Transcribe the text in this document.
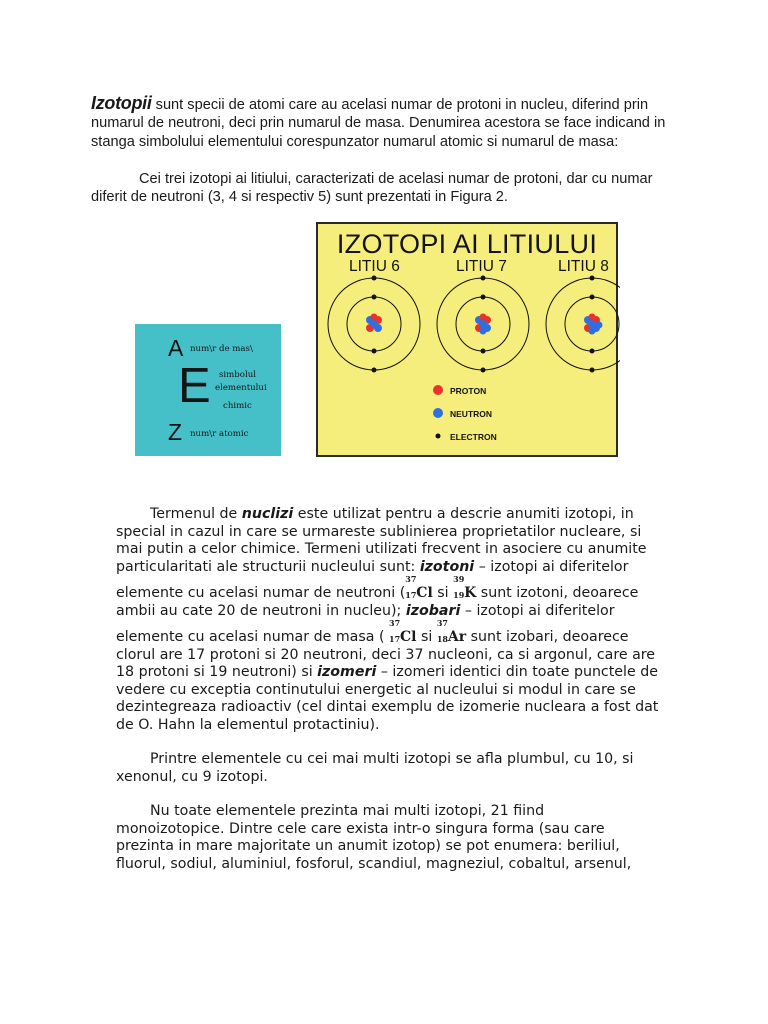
Izotopii sunt specii de atomi care au acelasi numar de protoni in nucleu, diferind prin numarul de neutroni, deci prin numarul de masa. Denumirea acestora se face indicand in stanga simbolului elementului corespunzator numarul atomic si numarul de masa:
Cei trei izotopi ai litiului, caracterizati de acelasi numar de protoni, dar cu numar diferit de neutroni (3, 4 si respectiv 5) sunt prezentati in Figura 2.
A num\r de mas\
E simbolul
elementului
chimic
Z num\r atomic
IZOTOPI AI LITIULUI
LITIU 6	LITIU 7	LITIU 8
PROTON
NEUTRON
ELECTRON

Termenul de nuclizi este utilizat pentru a descrie anumiti izotopi, in
special in cazul in care se urmareste sublinierea proprietatilor nucleare, si
mai putin a celor chimice. Termeni utilizati frecvent in asociere cu anumite
particularitati ale structurii nucleului sunt: izotoni – izotopi ai diferitelor
elemente cu acelasi numar de neutroni (
37
17 Cl si
39
19 K sunt izotoni, deoarece
ambii au cate 20 de neutroni in nucleu); izobari – izotopi ai diferitelor
elemente cu acelasi numar de masa (
37
17 Cl si
37
18 Ar sunt izobari, deoarece
clorul are 17 protoni si 20 neutroni, deci 37 nucleoni, ca si argonul, care are
18 protoni si 19 neutroni) si izomeri – izomeri identici din toate punctele de
vedere cu exceptia continutului energetic al nucleului si modul in care se
dezintegreaza radioactiv (cel dintai exemplu de izomerie nucleara a fost dat
de O. Hahn la elementul protactiniu).

Printre elementele cu cei mai multi izotopi se afla plumbul, cu 10, si
xenonul, cu 9 izotopi.

Nu toate elementele prezinta mai multi izotopi, 21 fiind
monoizotopice. Dintre cele care exista intr-o singura forma (sau care
prezinta in mare majoritate un anumit izotop) se pot enumera: beriliul,
fluorul, sodiul, aluminiul, fosforul, scandiul, magneziul, cobaltul, arsenul,
